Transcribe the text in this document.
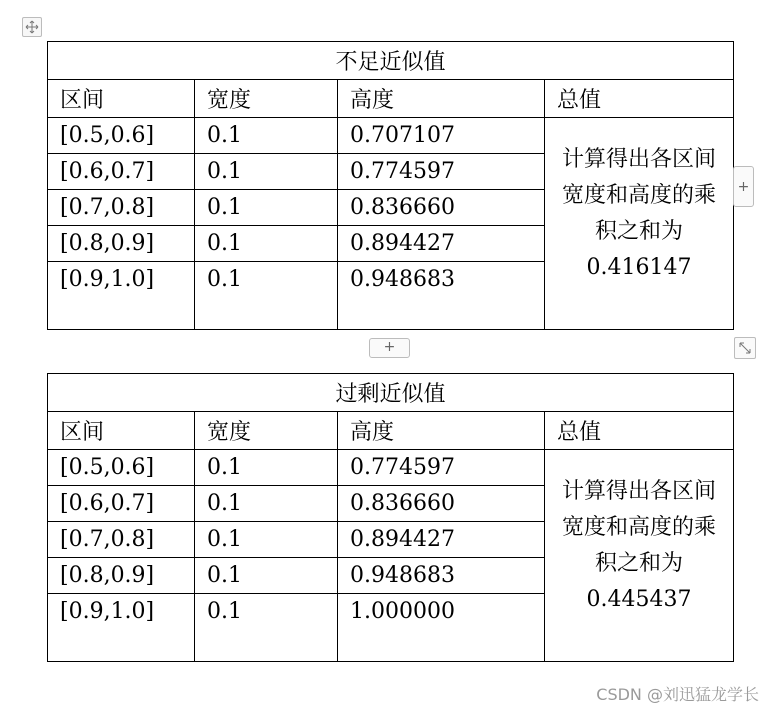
不足近似值			
区间	宽度	高度	总值
[0.5,0.6]	0.1	0.707107	计算得出各区间宽度和高度的乘积之和为
0.416147

[0.6,0.7]	0.1	0.774597	
[0.7,0.8]	0.1	0.836660	
[0.8,0.9]	0.1	0.894427	
[0.9,1.0]	0.1	0.948683	

+
+
过剩近似值			
区间	宽度	高度	总值
[0.5,0.6]	0.1	0.774597	计算得出各区间宽度和高度的乘积之和为
0.445437

[0.6,0.7]	0.1	0.836660	
[0.7,0.8]	0.1	0.894427	
[0.8,0.9]	0.1	0.948683	
[0.9,1.0]	0.1	1.000000	

CSDN @刘迅猛龙学长
